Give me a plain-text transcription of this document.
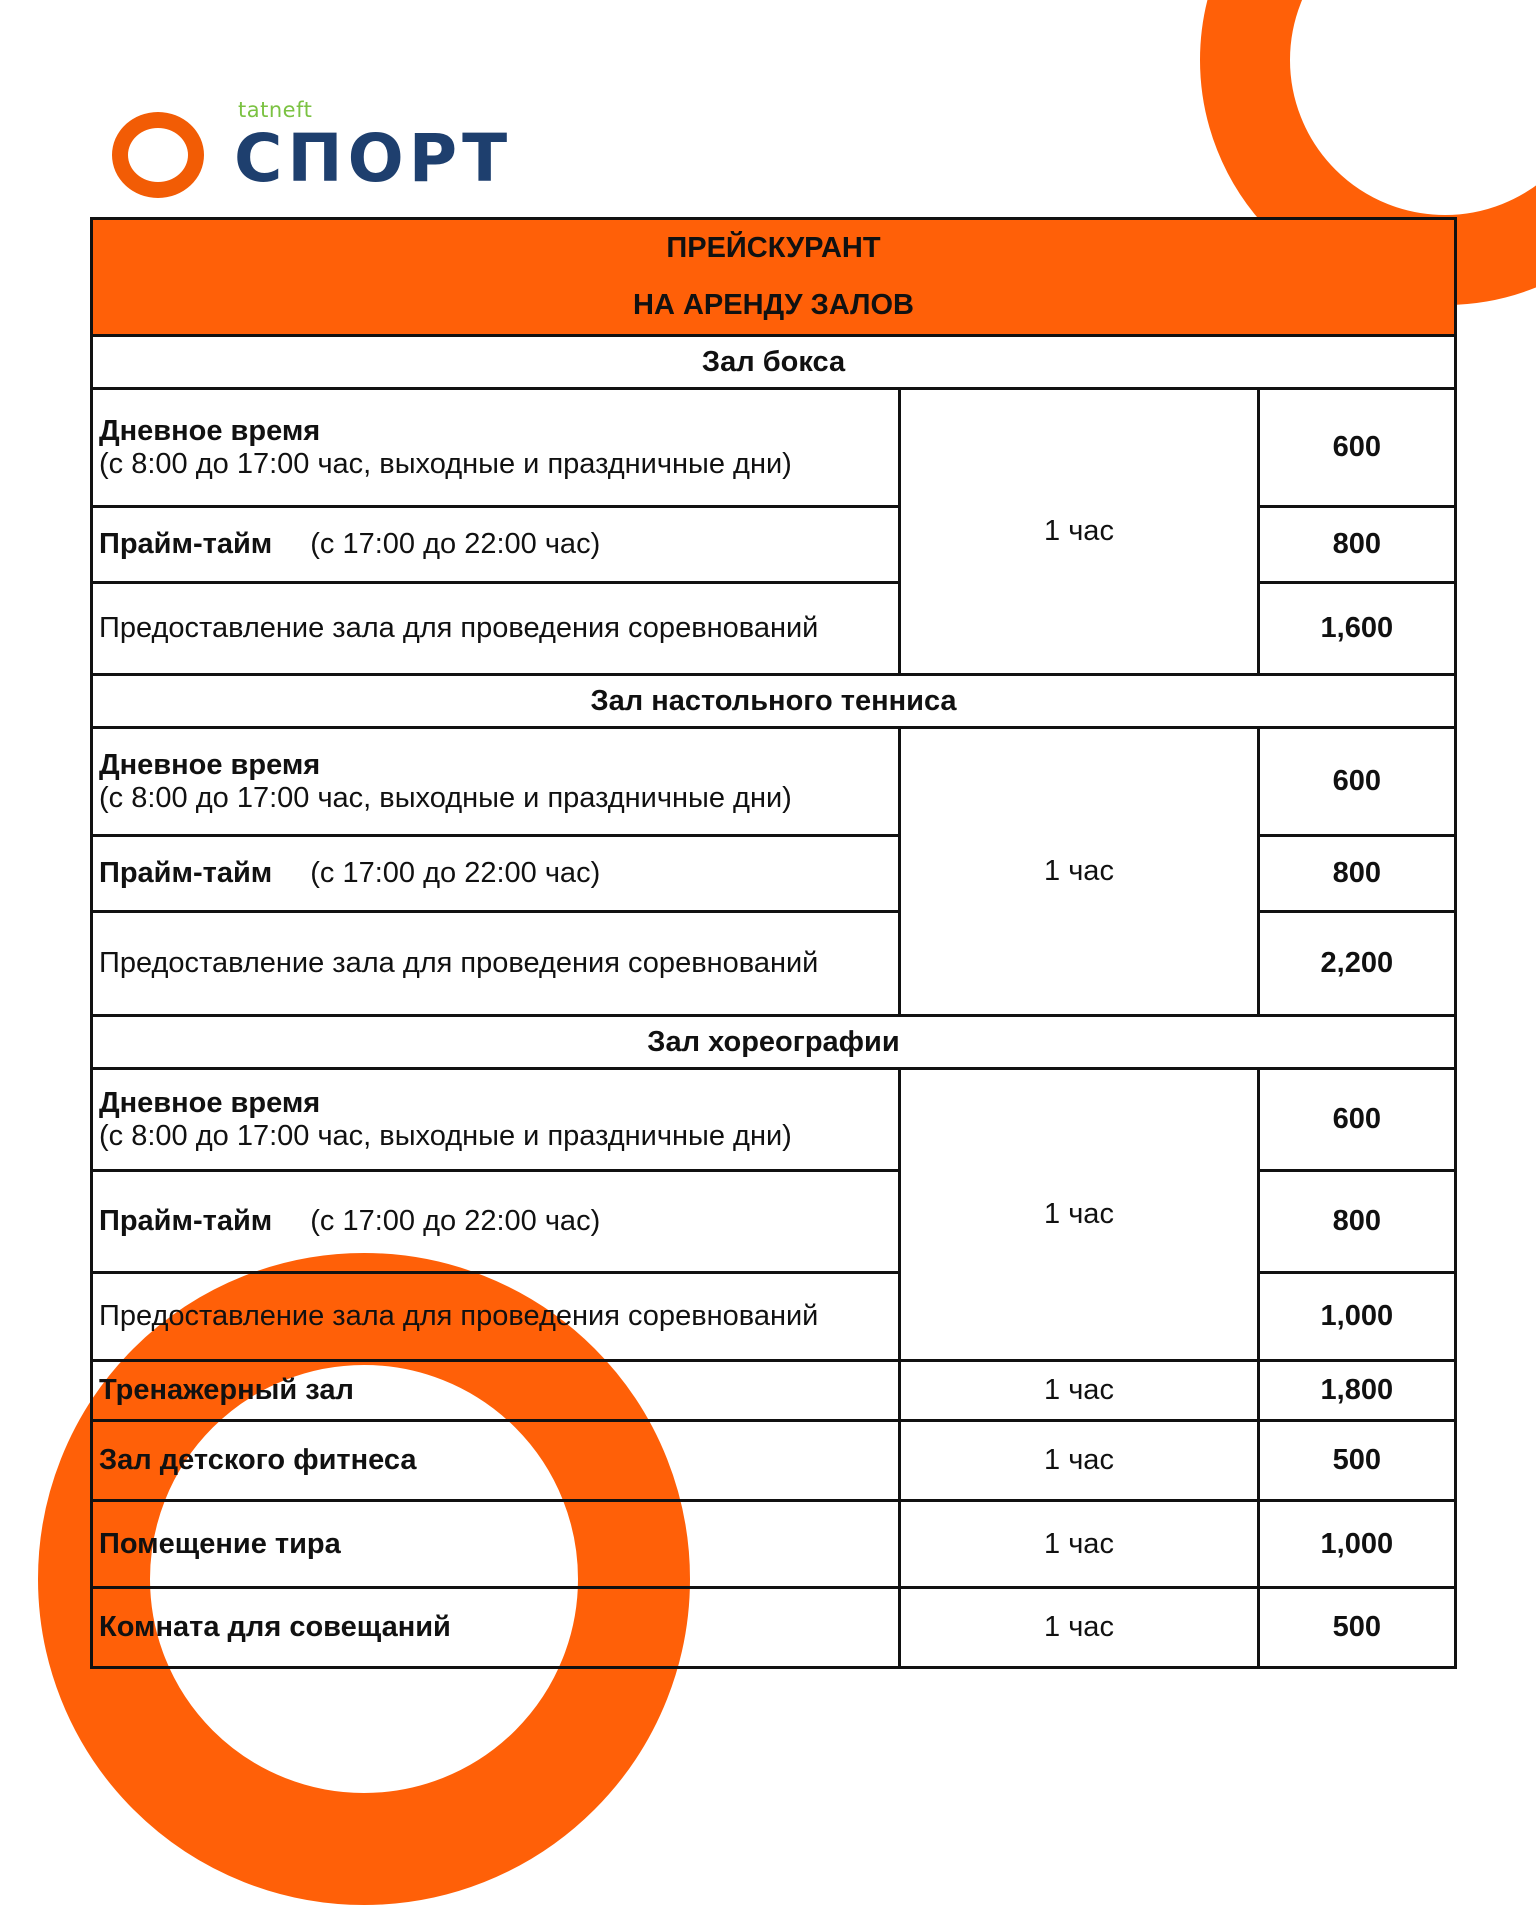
tatneft
СПОРТ
ПРЕЙСКУРАНТ
НА АРЕНДУ ЗАЛОВ		

Зал бокса		

Дневное время
(с 8:00 до 17:00 час, выходные и праздничные дни)	1 час	600
Прайм-тайм (с 17:00 до 22:00 час)		800
Предоставление зала для проведения соревнований		1,600
Зал настольного тенниса		

Дневное время
(с 8:00 до 17:00 час, выходные и праздничные дни)	1 час	600
Прайм-тайм (с 17:00 до 22:00 час)		800
Предоставление зала для проведения соревнований		2,200
Зал хореографии		

Дневное время
(с 8:00 до 17:00 час, выходные и праздничные дни)	1 час	600
Прайм-тайм (с 17:00 до 22:00 час)		800
Предоставление зала для проведения соревнований		1,000
Тренажерный зал	1 час	1,800
Зал детского фитнеса	1 час	500
Помещение тира	1 час	1,000
Комната для совещаний	1 час	500
